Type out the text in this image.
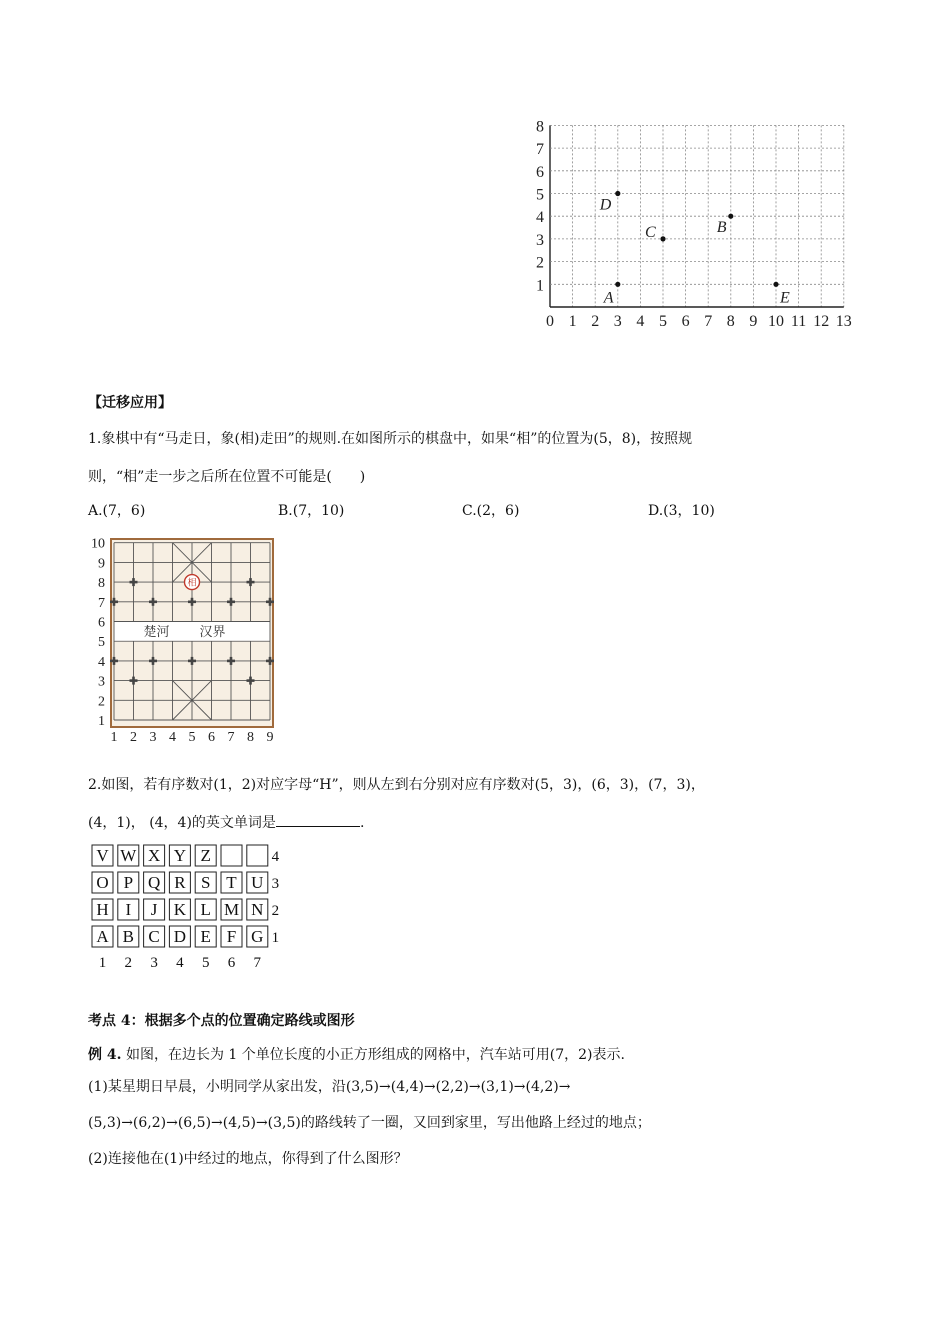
1
2
3
4
5
6
7
8
0 1 2 3 4 5 6 7 8 9 10 11 12 13
A
B
C
D
E
【迁移应用】
1.象棋中有“马走日，象(相)走田”的规则.在如图所示的棋盘中，如果“相”的位置为(5，8)，按照规
则，“相”走一步之后所在位置不可能是(　　)
A.(7，6)	B.(7，10)	C.(2，6)	D.(3，10)
楚河 汉界
1
2
3
4
5
6
7
8
9
10
1 2 3 4 5 6 7 8 9
相
2.如图，若有序数对(1，2)对应字母“H”，则从左到右分别对应有序数对(5，3)，(6，3)，(7，3)，
(4，1)， (4，4)的英文单词是	.
V W X Y Z
O P Q R S T U
H I J K L M N
A B C D E F G
4
3
2
1
1 2 3 4 5 6 7
考点 4：根据多个点的位置确定路线或图形
例 4. 如图，在边长为 1 个单位长度的小正方形组成的网格中，汽车站可用(7，2)表示.
(1)某星期日早晨，小明同学从家出发，沿(3,5)→(4,4)→(2,2)→(3,1)→(4,2)→
(5,3)→(6,2)→(6,5)→(4,5)→(3,5)的路线转了一圈，又回到家里，写出他路上经过的地点；
(2)连接他在(1)中经过的地点，你得到了什么图形？
